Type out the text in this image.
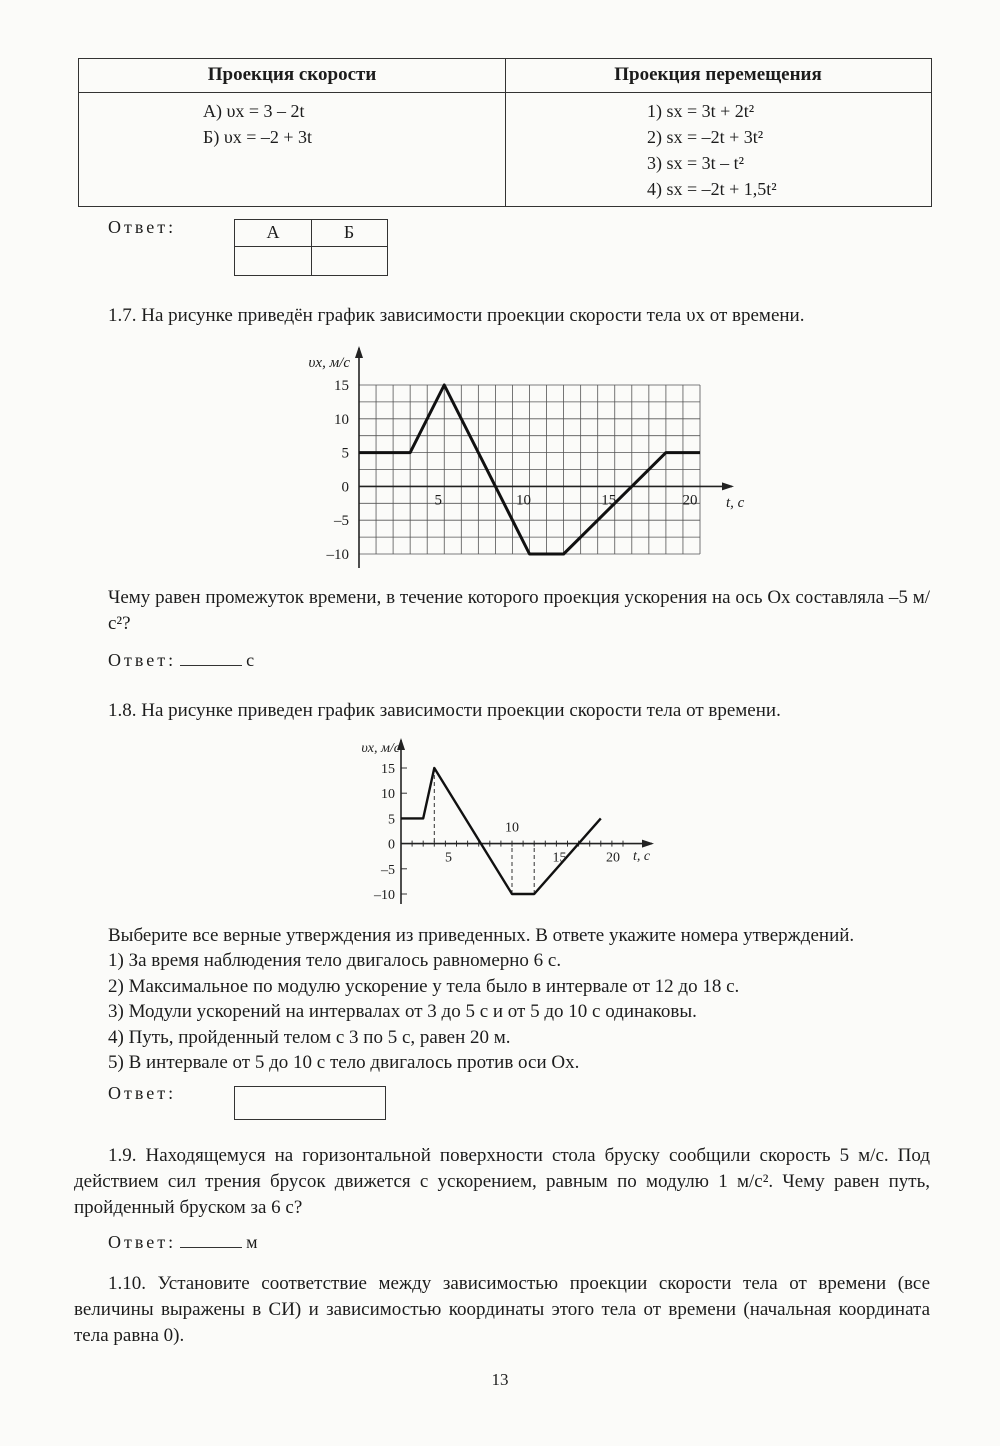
Проекция скорости	Проекция перемещения
А) υx = 3 – 2t
Б) υx = –2 + 3t
1) sx = 3t + 2t²
2) sx = –2t + 3t²
3) sx = 3t – t²
4) sx = –2t + 1,5t²
Ответ:	А	Б

1.7. На рисунке приведён график зависимости проекции скорости тела υx от времени.

15
10
5
0
–5
–10
5	10	15	20 t, с
υx, м/с

Чему равен промежуток времени, в течение которого проекция ускорения на ось Ox составляла –5 м/с²?

Ответ:	с

1.8. На рисунке приведен график зависимости проекции скорости тела от времени.

15
10
5
0
–5
–10
5
10
15	20 t, с
υx, м/с

Выберите все верные утверждения из приведенных. В ответе укажите номера утверждений.

1) За время наблюдения тело двигалось равномерно 6 с.
2) Максимальное по модулю ускорение у тела было в интервале от 12 до 18 с.
3) Модули ускорений на интервалах от 3 до 5 с и от 5 до 10 с одинаковы.
4) Путь, пройденный телом с 3 по 5 с, равен 20 м.
5) В интервале от 5 до 10 с тело двигалось против оси Ox.
Ответ:

1.9. Находящемуся на горизонтальной поверхности стола бруску сообщили скорость 5 м/с. Под действием сил трения брусок движется с ускорением, равным по модулю 1 м/с². Чему равен путь, пройденный бруском за 6 с?

Ответ:	м

1.10. Установите соответствие между зависимостью проекции скорости тела от времени (все величины выражены в СИ) и зависимостью координаты этого тела от времени (начальная координата тела равна 0).

13
